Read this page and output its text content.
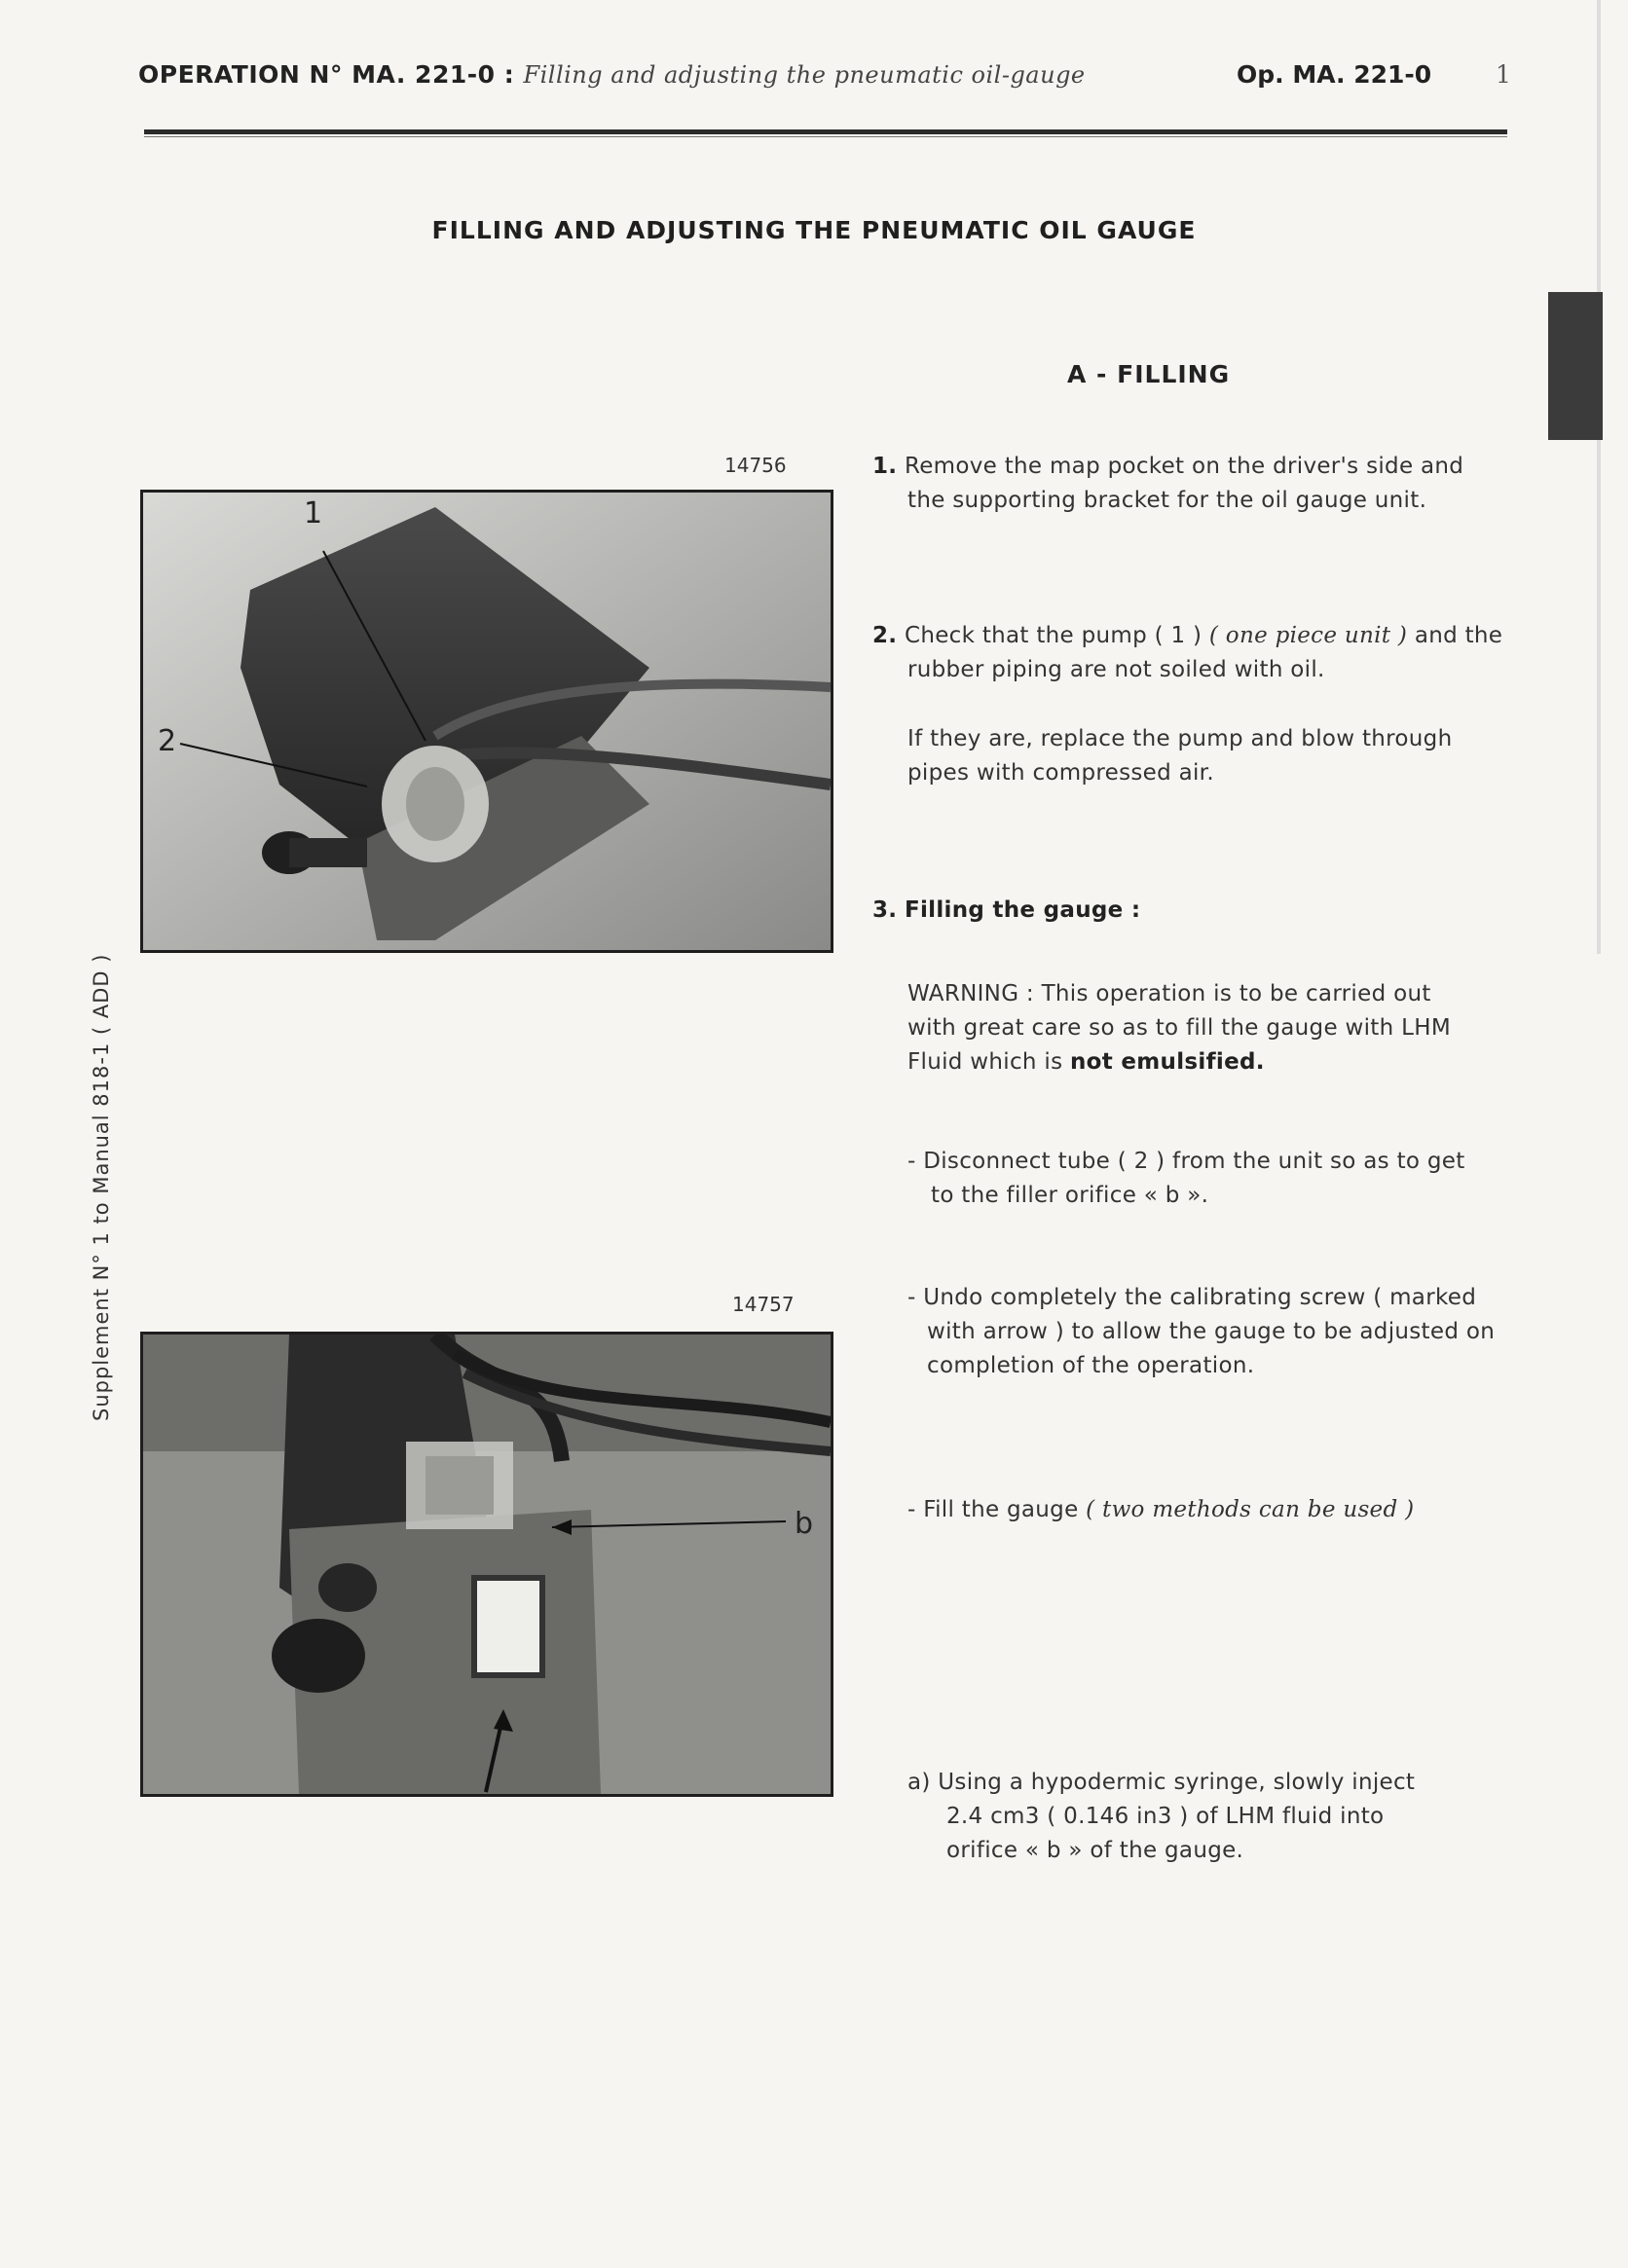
OPERATION N° MA. 221-0 : Filling and adjusting the pneumatic oil-gauge	Op. MA. 221-0	1
FILLING AND ADJUSTING THE PNEUMATIC OIL GAUGE
A - FILLING
Supplement N° 1 to Manual 818-1 ( ADD )
14756
1
2
14757
b
1. Remove the map pocket on the driver's side and
the supporting bracket for the oil gauge unit.
2. Check that the pump ( 1 ) ( one piece unit ) and the
rubber piping are not soiled with oil.
If they are, replace the pump and blow through
pipes with compressed air.
3. Filling the gauge :
WARNING : This operation is to be carried out
with great care so as to fill the gauge with LHM
Fluid which is not emulsified.
- Disconnect tube ( 2 ) from the unit so as to get
to the filler orifice « b ».
- Undo completely the calibrating screw ( marked
with arrow ) to allow the gauge to be adjusted on
completion of the operation.
- Fill the gauge ( two methods can be used )
a) Using a hypodermic syringe, slowly inject
2.4 cm3 ( 0.146 in3 ) of LHM fluid into
orifice « b » of the gauge.
